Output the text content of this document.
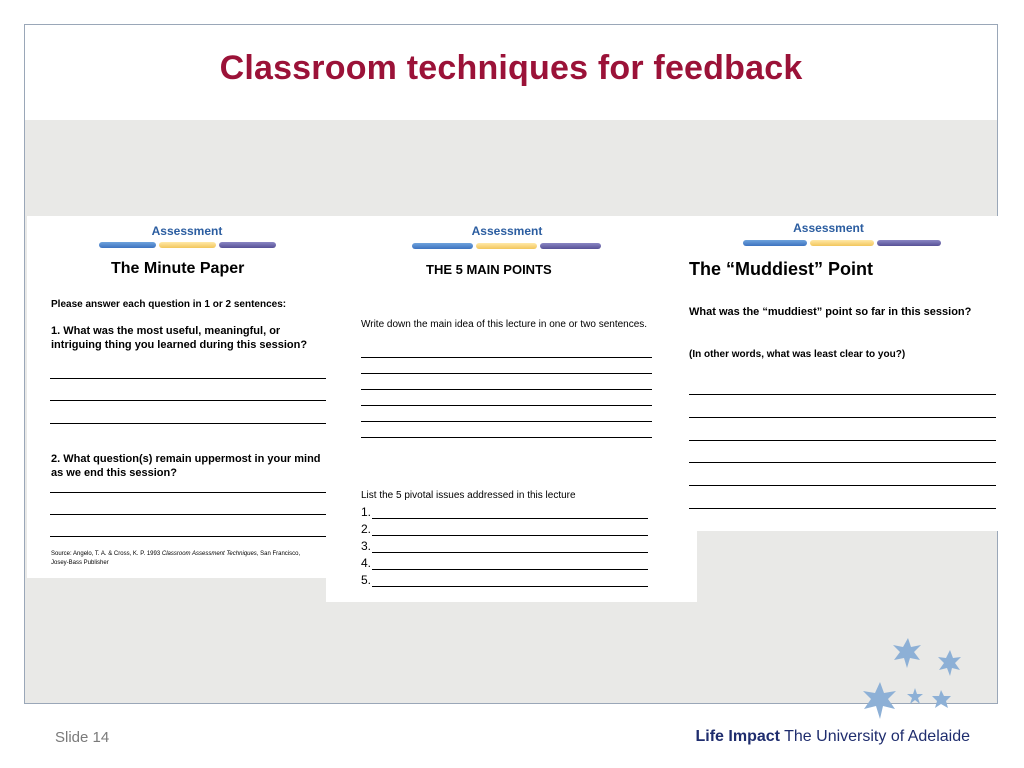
Classroom techniques for feedback
Assessment
The Minute Paper
Please answer each question in 1 or 2 sentences:
1. What was the most useful, meaningful, or intriguing thing you learned during this session?
2. What question(s) remain uppermost in your mind as we end this session?
Source: Angelo, T. A. & Cross, K. P. 1993 Classroom Assessment Techniques, San Francisco, Josey-Bass Publisher
Assessment
THE 5 MAIN POINTS
Write down the main idea of this lecture in one or two sentences.
List the 5 pivotal issues addressed in this lecture
1.
2.
3.
4.
5.
Assessment
The “Muddiest” Point
What was the “muddiest” point so far in this session?
(In other words, what was least clear to you?)
Slide 14	Life Impact The University of Adelaide
